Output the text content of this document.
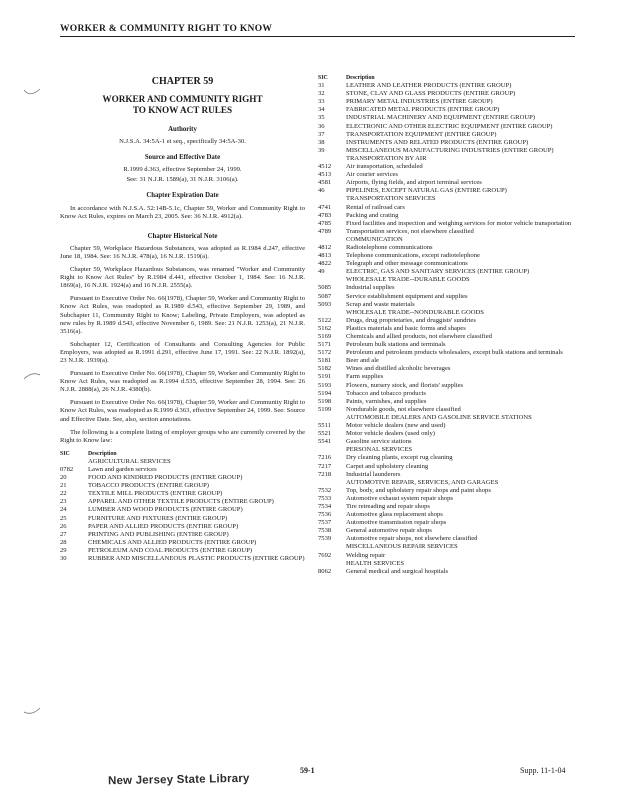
WORKER & COMMUNITY RIGHT TO KNOW
CHAPTER 59
WORKER AND COMMUNITY RIGHT
TO KNOW ACT RULES
Authority
N.J.S.A. 34:5A-1 et seq., specifically 34:5A-30.
Source and Effective Date
R.1999 d.363, effective September 24, 1999.
See: 31 N.J.R. 1589(a), 31 N.J.R. 3106(a).
Chapter Expiration Date
In accordance with N.J.S.A. 52:14B-5.1c, Chapter 59, Worker and Community Right to Know Act Rules, expires on March 23, 2005. See: 36 N.J.R. 4912(a).
Chapter Historical Note
Chapter 59, Workplace Hazardous Substances, was adopted as R.1984 d.247, effective June 18, 1984. See: 16 N.J.R. 478(a), 16 N.J.R. 1519(a).
Chapter 59, Workplace Hazardous Substances, was renamed "Worker and Community Right to Know Act Rules" by R.1984 d.441, effective October 1, 1984. See: 16 N.J.R. 1869(a), 16 N.J.R. 1924(a) and 16 N.J.R. 2555(a).
Pursuant to Executive Order No. 66(1978), Chapter 59, Worker and Community Right to Know Act Rules, was readopted as R.1989 d.543, effective September 29, 1989, and Subchapter 11, Community Right to Know; Labeling, Private Employers, was adopted as new rules by R.1989 d.543, effective November 6, 1989. See: 21 N.J.R. 1253(a), 21 N.J.R. 3516(a).
Subchapter 12, Certification of Consultants and Consulting Agencies for Public Employers, was adopted as R.1991 d.291, effective June 17, 1991. See: 22 N.J.R. 1892(a), 23 N.J.R. 1939(a).
Pursuant to Executive Order No. 66(1978), Chapter 59, Worker and Community Right to Know Act Rules, was readopted as R.1994 d.535, effective September 28, 1994. See: 26 N.J.R. 2888(a), 26 N.J.R. 4380(b).
Pursuant to Executive Order No. 66(1978), Chapter 59, Worker and Community Right to Know Act Rules, was readopted as R.1999 d.363, effective September 24, 1999. See: Source and Effective Date. See, also, section annotations.
The following is a complete listing of employer groups who are currently covered by the Right to Know law:
SIC	Description
	AGRICULTURAL SERVICES
0782	Lawn and garden services
20	FOOD AND KINDRED PRODUCTS (ENTIRE GROUP)
21	TOBACCO PRODUCTS (ENTIRE GROUP)
22	TEXTILE MILL PRODUCTS (ENTIRE GROUP)
23	APPAREL AND OTHER TEXTILE PRODUCTS (ENTIRE GROUP)
24	LUMBER AND WOOD PRODUCTS (ENTIRE GROUP)
25	FURNITURE AND FIXTURES (ENTIRE GROUP)
26	PAPER AND ALLIED PRODUCTS (ENTIRE GROUP)
27	PRINTING AND PUBLISHING (ENTIRE GROUP)
28	CHEMICALS AND ALLIED PRODUCTS (ENTIRE GROUP)
29	PETROLEUM AND COAL PRODUCTS (ENTIRE GROUP)
30	RUBBER AND MISCELLANEOUS PLASTIC PRODUCTS (ENTIRE GROUP)
SIC	Description
31	LEATHER AND LEATHER PRODUCTS (ENTIRE GROUP)
32	STONE, CLAY AND GLASS PRODUCTS (ENTIRE GROUP)
33	PRIMARY METAL INDUSTRIES (ENTIRE GROUP)
34	FABRICATED METAL PRODUCTS (ENTIRE GROUP)
35	INDUSTRIAL MACHINERY AND EQUIPMENT (ENTIRE GROUP)
36	ELECTRONIC AND OTHER ELECTRIC EQUIPMENT (ENTIRE GROUP)
37	TRANSPORTATION EQUIPMENT (ENTIRE GROUP)
38	INSTRUMENTS AND RELATED PRODUCTS (ENTIRE GROUP)
39	MISCELLANEOUS MANUFACTURING INDUSTRIES (ENTIRE GROUP)
	TRANSPORTATION BY AIR
4512	Air transportation, scheduled
4513	Air courier services
4581	Airports, flying fields, and airport terminal services
46	PIPELINES, EXCEPT NATURAL GAS (ENTIRE GROUP)
	TRANSPORTATION SERVICES
4741	Rental of railroad cars
4783	Packing and crating
4785	Fixed facilities and inspection and weighing services for motor vehicle transportation
4789	Transportation services, not elsewhere classified
	COMMUNICATION
4812	Radiotelephone communications
4813	Telephone communications, except radiotelephone
4822	Telegraph and other message communications
49	ELECTRIC, GAS AND SANITARY SERVICES (ENTIRE GROUP)
	WHOLESALE TRADE--DURABLE GOODS
5085	Industrial supplies
5087	Service establishment equipment and supplies
5093	Scrap and waste materials
	WHOLESALE TRADE--NONDURABLE GOODS
5122	Drugs, drug proprietaries, and druggists' sundries
5162	Plastics materials and basic forms and shapes
5169	Chemicals and allied products, not elsewhere classified
5171	Petroleum bulk stations and terminals
5172	Petroleum and petroleum products wholesalers, except bulk stations and terminals
5181	Beer and ale
5182	Wines and distilled alcoholic beverages
5191	Farm supplies
5193	Flowers, nursery stock, and florists' supplies
5194	Tobacco and tobacco products
5198	Paints, varnishes, and supplies
5199	Nondurable goods, not elsewhere classified
	AUTOMOBILE DEALERS AND GASOLINE SERVICE STATIONS
5511	Motor vehicle dealers (new and used)
5521	Motor vehicle dealers (used only)
5541	Gasoline service stations
	PERSONAL SERVICES
7216	Dry cleaning plants, except rug cleaning
7217	Carpet and upholstery cleaning
7218	Industrial launderers
	AUTOMOTIVE REPAIR, SERVICES, AND GARAGES
7532	Top, body, and upholstery repair shops and paint shops
7533	Automotive exhaust system repair shops
7534	Tire retreading and repair shops
7536	Automotive glass replacement shops
7537	Automotive transmission repair shops
7538	General automotive repair shops
7539	Automotive repair shops, not elsewhere classified
	MISCELLANEOUS REPAIR SERVICES
7692	Welding repair
	HEALTH SERVICES
8062	General medical and surgical hospitals
59-1	Supp. 11-1-04
New Jersey State Library
